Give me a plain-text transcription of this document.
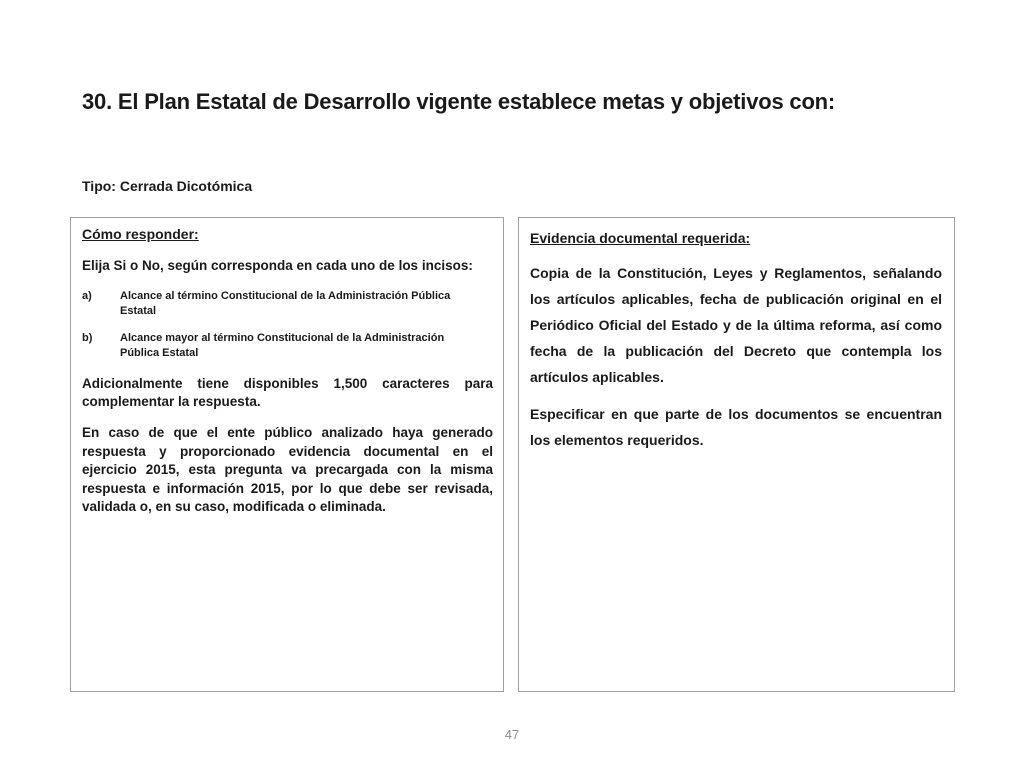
30. El Plan Estatal de Desarrollo vigente establece metas y objetivos con:

Tipo: Cerrada Dicotómica

Cómo responder:

Elija Si o No, según corresponda en cada uno de los incisos:

a)	Alcance al término Constitucional de la Administración Pública Estatal
b)	Alcance mayor al término Constitucional de la Administración Pública Estatal

Adicionalmente tiene disponibles 1,500 caracteres para complementar la respuesta.

En caso de que el ente público analizado haya generado respuesta y proporcionado evidencia documental en el ejercicio 2015, esta pregunta va precargada con la misma respuesta e información 2015, por lo que debe ser revisada, validada o, en su caso, modificada o eliminada.

Evidencia documental requerida:

Copia de la Constitución, Leyes y Reglamentos, señalando los artículos aplicables, fecha de publicación original en el Periódico Oficial del Estado y de la última reforma, así como fecha de la publicación del Decreto que contempla los artículos aplicables.

Especificar en que parte de los documentos se encuentran los elementos requeridos.

47
